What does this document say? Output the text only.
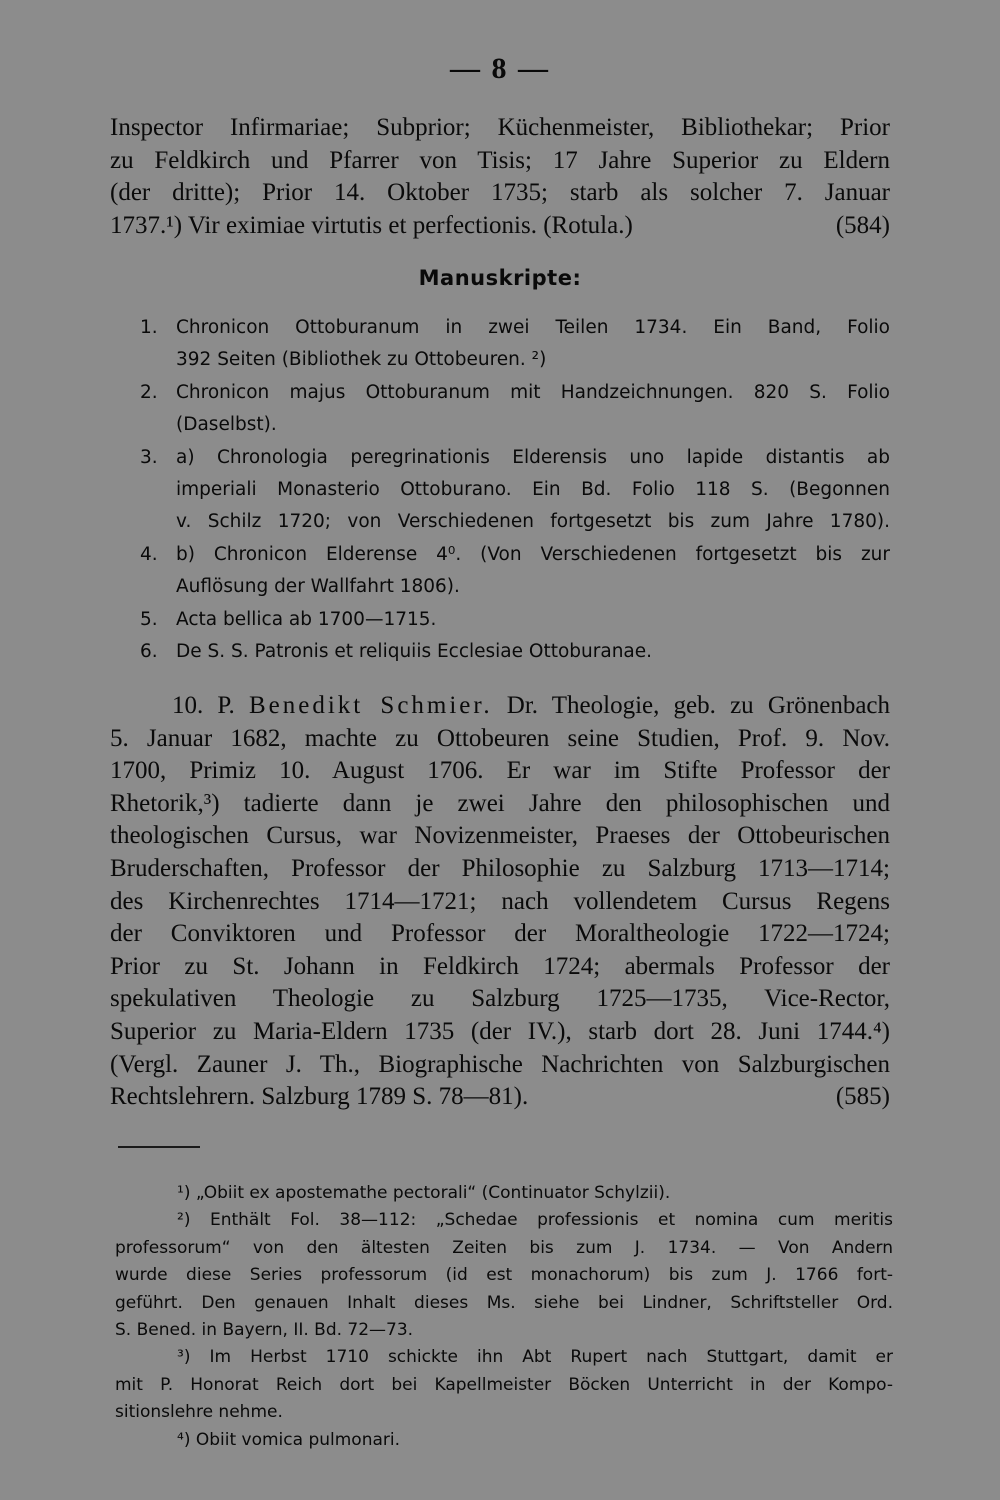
— 8 —
Inspector Infirmariae; Subprior; Küchenmeister, Bibliothekar; Prior
zu Feldkirch und Pfarrer von Tisis; 17 Jahre Superior zu Eldern
(der dritte); Prior 14. Oktober 1735; starb als solcher 7. Januar
1737.¹) Vir eximiae virtutis et perfectionis. (Rotula.)	(584)
Manuskripte:
1. Chronicon Ottoburanum in zwei Teilen 1734. Ein Band, Folio
392 Seiten (Bibliothek zu Ottobeuren. ²)
2. Chronicon majus Ottoburanum mit Handzeichnungen. 820 S. Folio
(Daselbst).
3. a) Chronologia peregrinationis Elderensis uno lapide distantis ab
imperiali Monasterio Ottoburano. Ein Bd. Folio 118 S. (Begonnen
v. Schilz 1720; von Verschiedenen fortgesetzt bis zum Jahre 1780).
4. b) Chronicon Elderense 4⁰. (Von Verschiedenen fortgesetzt bis zur
Auflösung der Wallfahrt 1806).
5. Acta bellica ab 1700—1715.
6. De S. S. Patronis et reliquiis Ecclesiae Ottoburanae.
10. P. Benedikt Schmier. Dr. Theologie, geb. zu Grönenbach
5. Januar 1682, machte zu Ottobeuren seine Studien, Prof. 9. Nov.
1700, Primiz 10. August 1706. Er war im Stifte Professor der
Rhetorik,³) tadierte dann je zwei Jahre den philosophischen und
theologischen Cursus, war Novizenmeister, Praeses der Ottobeurischen
Bruderschaften, Professor der Philosophie zu Salzburg 1713—1714;
des Kirchenrechtes 1714—1721; nach vollendetem Cursus Regens
der Conviktoren und Professor der Moraltheologie 1722—1724;
Prior zu St. Johann in Feldkirch 1724; abermals Professor der
spekulativen Theologie zu Salzburg 1725—1735, Vice-Rector,
Superior zu Maria-Eldern 1735 (der IV.), starb dort 28. Juni 1744.⁴)
(Vergl. Zauner J. Th., Biographische Nachrichten von Salzburgischen
Rechtslehrern. Salzburg 1789 S. 78—81).	(585)
¹) „Obiit ex apostemathe pectorali“ (Continuator Schylzii).
²) Enthält Fol. 38—112: „Schedae professionis et nomina cum meritis
professorum“ von den ältesten Zeiten bis zum J. 1734. — Von Andern
wurde diese Series professorum (id est monachorum) bis zum J. 1766 fort-
geführt. Den genauen Inhalt dieses Ms. siehe bei Lindner, Schriftsteller Ord.
S. Bened. in Bayern, II. Bd. 72—73.
³) Im Herbst 1710 schickte ihn Abt Rupert nach Stuttgart, damit er
mit P. Honorat Reich dort bei Kapellmeister Böcken Unterricht in der Kompo-
sitionslehre nehme.
⁴) Obiit vomica pulmonari.
